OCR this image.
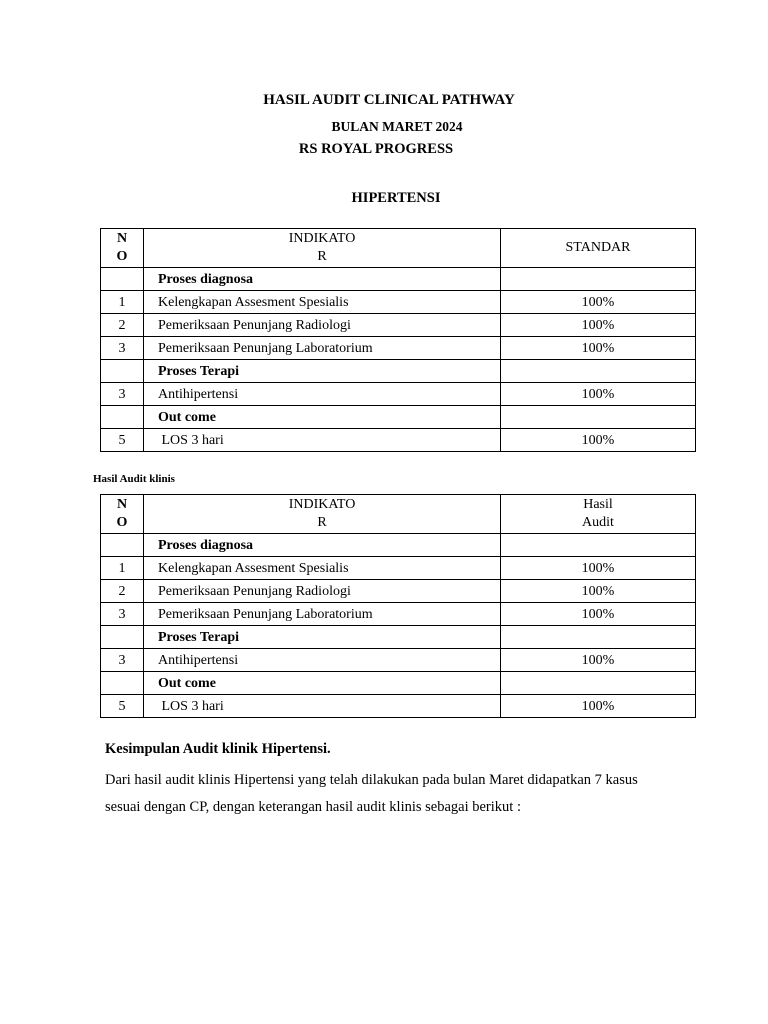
HASIL AUDIT CLINICAL PATHWAY
BULAN MARET 2024
RS ROYAL PROGRESS
HIPERTENSI
NO	INDIKATOR	STANDAR
	Proses diagnosa	
1	Kelengkapan Assesment Spesialis	100%
2	Pemeriksaan Penunjang Radiologi	100%
3	Pemeriksaan Penunjang Laboratorium	100%
	Proses Terapi	
3	Antihipertensi	100%
	Out come	
5	LOS 3 hari	100%
Hasil Audit klinis
NO	INDIKATOR	Hasil Audit
	Proses diagnosa	
1	Kelengkapan Assesment Spesialis	100%
2	Pemeriksaan Penunjang Radiologi	100%
3	Pemeriksaan Penunjang Laboratorium	100%
	Proses Terapi	
3	Antihipertensi	100%
	Out come	
5	LOS 3 hari	100%
Kesimpulan Audit klinik Hipertensi.
Dari hasil audit klinis Hipertensi yang telah dilakukan pada bulan Maret didapatkan 7 kasus sesuai dengan CP, dengan keterangan hasil audit klinis sebagai berikut :
